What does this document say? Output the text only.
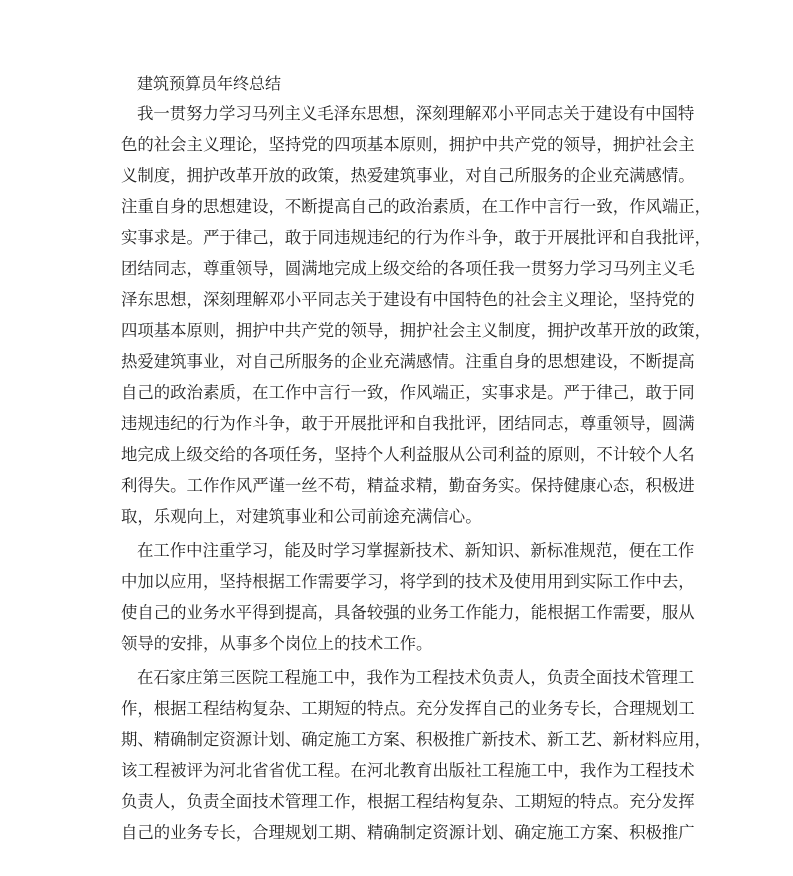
建筑预算员年终总结
我一贯努力学习马列主义毛泽东思想，深刻理解邓小平同志关于建设有中国特
色的社会主义理论，坚持党的四项基本原则，拥护中共产党的领导，拥护社会主
义制度，拥护改革开放的政策，热爱建筑事业，对自己所服务的企业充满感情。
注重自身的思想建设，不断提高自己的政治素质，在工作中言行一致，作风端正，
实事求是。严于律己，敢于同违规违纪的行为作斗争，敢于开展批评和自我批评，
团结同志，尊重领导，圆满地完成上级交给的各项任我一贯努力学习马列主义毛
泽东思想，深刻理解邓小平同志关于建设有中国特色的社会主义理论，坚持党的
四项基本原则，拥护中共产党的领导，拥护社会主义制度，拥护改革开放的政策，
热爱建筑事业，对自己所服务的企业充满感情。注重自身的思想建设，不断提高
自己的政治素质，在工作中言行一致，作风端正，实事求是。严于律己，敢于同
违规违纪的行为作斗争，敢于开展批评和自我批评，团结同志，尊重领导，圆满
地完成上级交给的各项任务，坚持个人利益服从公司利益的原则，不计较个人名
利得失。工作作风严谨一丝不苟，精益求精，勤奋务实。保持健康心态，积极进
取，乐观向上，对建筑事业和公司前途充满信心。
在工作中注重学习，能及时学习掌握新技术、新知识、新标准规范，便在工作
中加以应用，坚持根据工作需要学习，将学到的技术及使用用到实际工作中去，
使自己的业务水平得到提高，具备较强的业务工作能力，能根据工作需要，服从
领导的安排，从事多个岗位上的技术工作。
在石家庄第三医院工程施工中，我作为工程技术负责人，负责全面技术管理工
作，根据工程结构复杂、工期短的特点。充分发挥自己的业务专长，合理规划工
期、精确制定资源计划、确定施工方案、积极推广新技术、新工艺、新材料应用，
该工程被评为河北省省优工程。在河北教育出版社工程施工中，我作为工程技术
负责人，负责全面技术管理工作，根据工程结构复杂、工期短的特点。充分发挥
自己的业务专长，合理规划工期、精确制定资源计划、确定施工方案、积极推广
